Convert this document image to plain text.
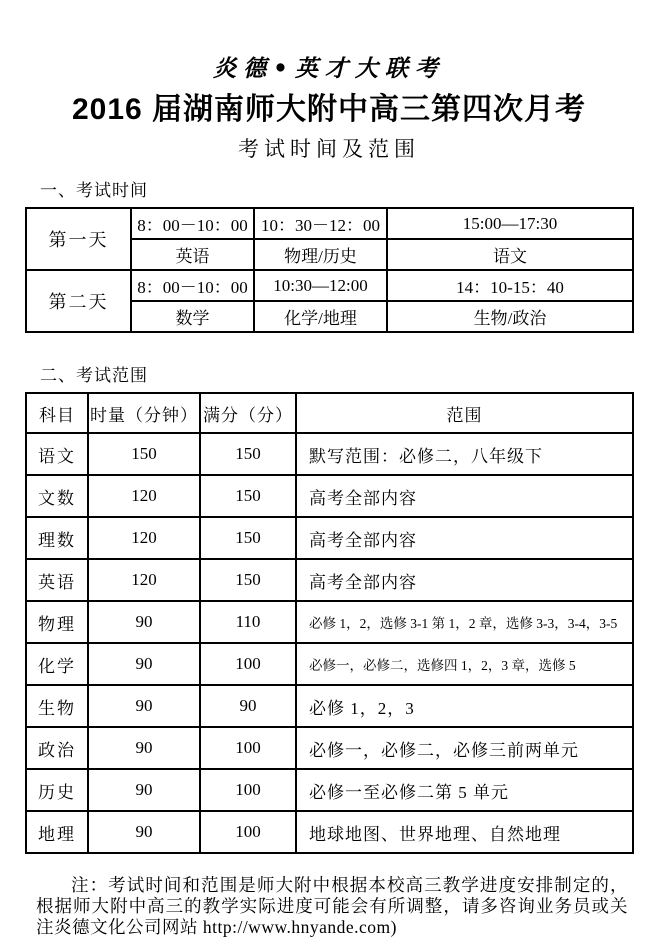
炎德•英才大联考
2016 届湖南师大附中高三第四次月考
考试时间及范围
一、考试时间
第一天	8：00－10：00	10：30－12：00	15:00—17:30
	英语	物理/历史	语文
第二天	8：00－10：00	10:30—12:00	14：10-15：40
	数学	化学/地理	生物/政治
二、考试范围
科目	时量（分钟）	满分（分）	范围
语文	150	150	默写范围：必修二，八年级下
文数	120	150	高考全部内容
理数	120	150	高考全部内容
英语	120	150	高考全部内容
物理	90	110	必修 1，2，选修 3-1 第 1，2 章，选修 3-3，3-4，3-5
化学	90	100	必修一，必修二，选修四 1，2，3 章，选修 5
生物	90	90	必修 1，2，3
政治	90	100	必修一，必修二，必修三前两单元
历史	90	100	必修一至必修二第 5 单元
地理	90	100	地球地图、世界地理、自然地理

注：考试时间和范围是师大附中根据本校高三教学进度安排制定的，根据师大附中高三的教学实际进度可能会有所调整，请多咨询业务员或关注炎德文化公司网站 http://www.hnyande.com)
